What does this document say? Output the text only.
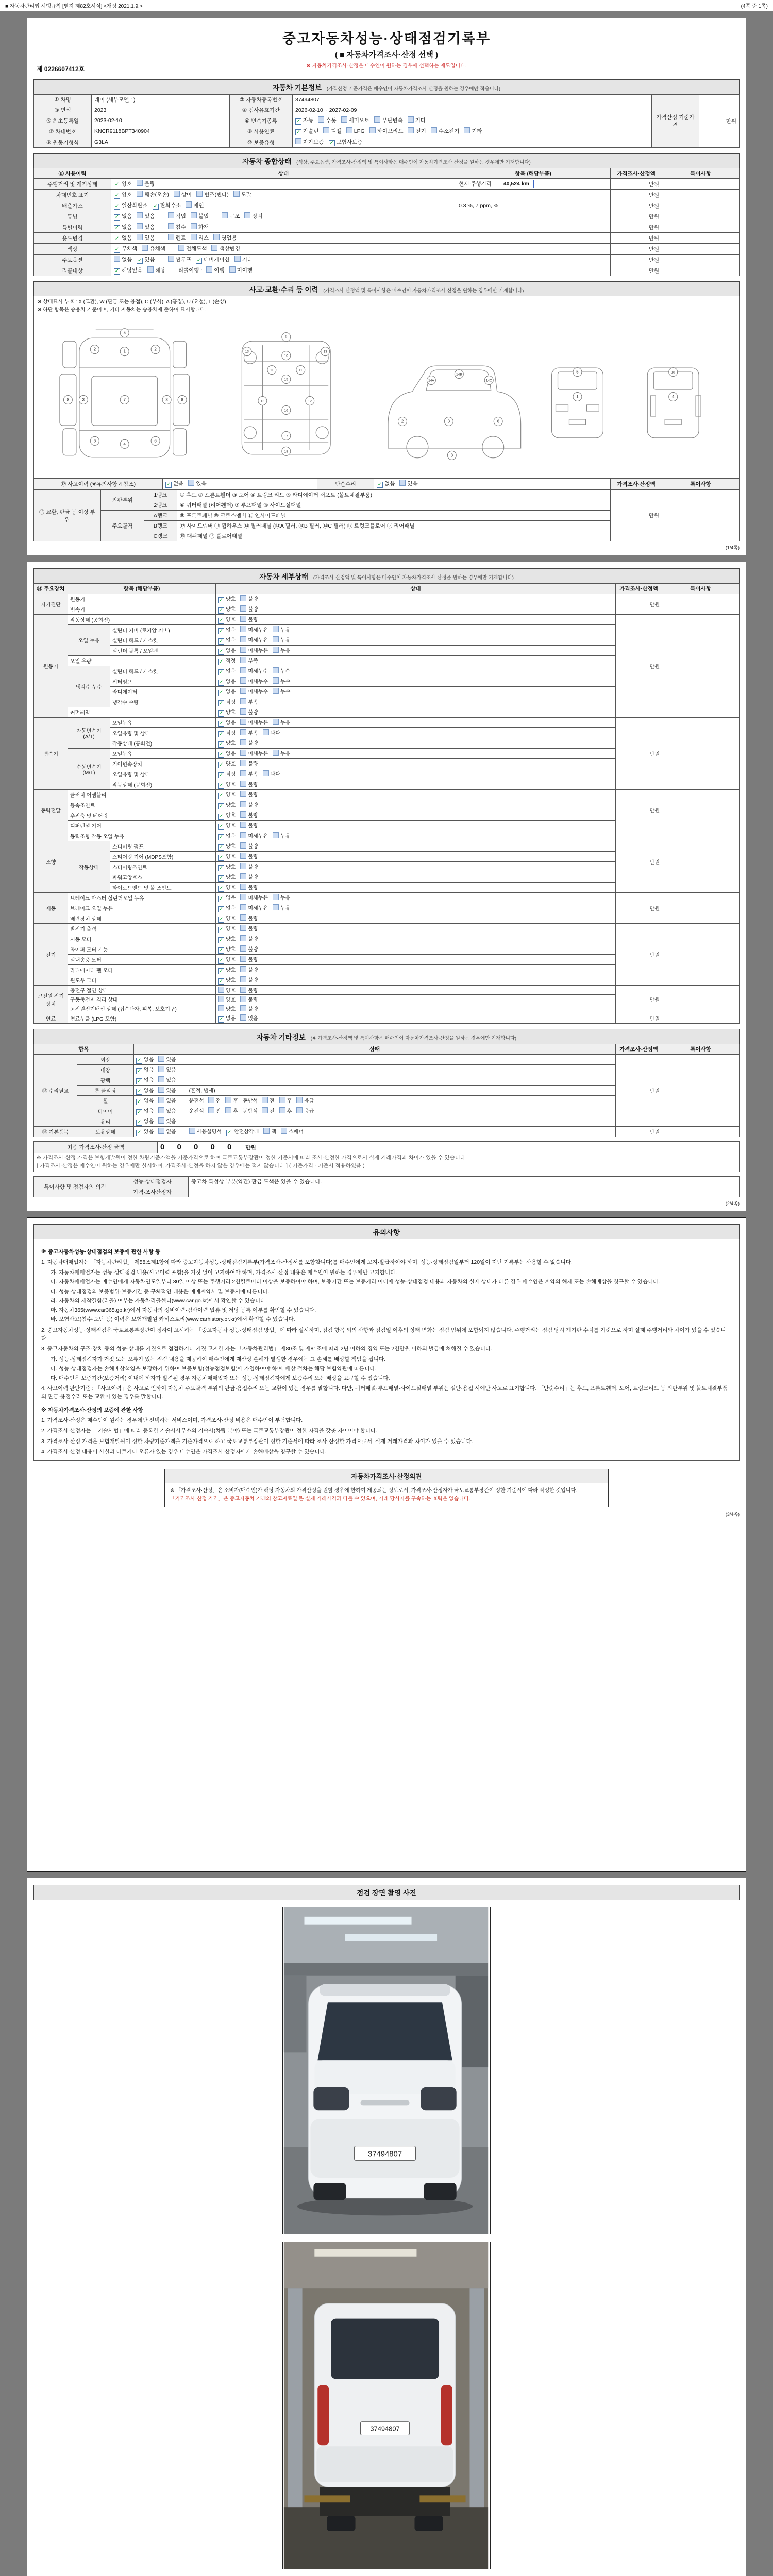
■ 자동차관리법 시행규칙 [별지 제82호서식] <개정 2021.1.9.>	(4쪽 중 1쪽)
제 0226607412호
중고자동차성능·상태점검기록부
( ■ 자동차가격조사·산정 선택 )
※ 자동차가격조사·산정은 매수인이 원하는 경우에 선택하는 제도입니다.
자동차 기본정보 (가격산정 기준가격은 매수인이 자동차가격조사·산정을 원하는 경우에만 적습니다)
① 차명	레이 (세부모델 : )	② 자동차등록번호	37494807	가격산정 기준가격	만원
③ 연식	2023	④ 검사유효기간	2026-02-10 ~ 2027-02-09		
⑤ 최초등록일	2023-02-10	⑥ 변속기종류	✓ 자동 수동 세미오토 무단변속 기타		
⑦ 차대번호	KNCR9118BPT340904	⑧ 사용연료	✓ 가솔린 디젤 LPG 하이브리드 전기 수소전기 기타		
⑨ 원동기형식	G3LA	⑩ 보증유형	자가보증 ✓ 보험사보증		
자동차 종합상태 (색상, 주요옵션, 가격조사·산정액 및 특이사항은 매수인이 자동차가격조사·산정을 원하는 경우에만 기재합니다)
⑪ 사용이력	상태	항목 (해당부품)	가격조사·산정액	특이사항
주행거리 및 계기상태	✓ 양호 불량	현재 주행거리 40,524 km	만원	
차대번호 표기	✓ 양호 훼손(오손) 상이 변조(변타) 도말		만원	
배출가스	✓ 일산화탄소 ✓ 탄화수소 매연	0.3 %, 7 ppm, %	만원	
튜닝	✓ 없음 있음 적법 불법 구조 장치		만원	
특별이력	✓ 없음 있음 침수 화재		만원	
용도변경	✓ 없음 있음 렌트 리스 영업용		만원	
색상	✓ 무채색 유채색 전체도색 색상변경		만원	
주요옵션	없음 ✓ 있음 썬루프 ✓ 네비게이션 기타		만원	
리콜대상	✓ 해당없음 해당 리콜이행 : 이행 미이행		만원	
사고·교환·수리 등 이력 (가격조사·산정액 및 특이사항은 매수인이 자동차가격조사·산정을 원하는 경우에만 기재합니다)
※ 상태표시 부호 : X (교환), W (판금 또는 용접), C (부식), A (흠집), U (요철), T (손상)
※ 하단 항목은 승용차 기준이며, 기타 자동차는 승용차에 준하여 표시합니다.
5
1
2	2
3	3
7
4
6	6
8	8
9
10
11	11
12	12
13	13
15
16
17
18
14A
14B
14C
2	3	6
8
5
1
18
4
⑫ 사고이력 (※유의사항 4 참조)	✓ 없음 있음	단순수리	✓ 없음 있음	가격조사·산정액	특이사항
⑬ 교환, 판금 등 이상 부위	외판부위	1랭크	① 후드 ② 프론트휀더 ③ 도어 ④ 트렁크 리드 ⑤ 라디에이터 서포트 (볼트체결부품)	만원	
		2랭크	⑥ 쿼터패널 (리어휀더) ⑦ 루프패널 ⑧ 사이드실패널		
	주요골격	A랭크	⑨ 프론트패널 ⑩ 크로스멤버 ⑪ 인사이드패널		
		B랭크	⑫ 사이드멤버 ⑬ 휠하우스 ⑭ 필러패널 (⑭A 필러, ⑭B 필러, ⑭C 필러) ⑰ 트렁크플로어 ⑱ 리어패널		
		C랭크	⑮ 대쉬패널 ⑯ 플로어패널		
(1/4쪽)
자동차 세부상태 (가격조사·산정액 및 특이사항은 매수인이 자동차가격조사·산정을 원하는 경우에만 기재합니다)
⑭ 주요장치	항목 (해당부품)		상태	가격조사·산정액	특이사항
자기진단	원동기		✓ 양호 불량	만원	
	변속기		✓ 양호 불량		
원동기	작동상태 (공회전)		✓ 양호 불량	만원	
	오일 누유	실린더 커버 (로커암 커버)	✓ 없음 미세누유 누유		
		실린더 헤드 / 개스킷	✓ 없음 미세누유 누유		
		실린더 블록 / 오일팬	✓ 없음 미세누유 누유		
	오일 유량		✓ 적정 부족		
	냉각수 누수	실린더 헤드 / 개스킷	✓ 없음 미세누수 누수		
		워터펌프	✓ 없음 미세누수 누수		
		라디에이터	✓ 없음 미세누수 누수		
		냉각수 수량	✓ 적정 부족		
	커먼레일		✓ 양호 불량		
변속기	자동변속기 (A/T)	오일누유	✓ 없음 미세누유 누유	만원	
		오일유량 및 상태	✓ 적정 부족 과다		
		작동상태 (공회전)	✓ 양호 불량		
	수동변속기 (M/T)	오일누유	✓ 없음 미세누유 누유		
		기어변속장치	✓ 양호 불량		
		오일유량 및 상태	✓ 적정 부족 과다		
		작동상태 (공회전)	✓ 양호 불량		
동력전달	클러치 어셈블리		✓ 양호 불량	만원	
	등속조인트		✓ 양호 불량		
	추진축 및 베어링		✓ 양호 불량		
	디퍼렌셜 기어		✓ 양호 불량		
조향	동력조향 작동 오일 누유		✓ 없음 미세누유 누유	만원	
	작동상태	스티어링 펌프	✓ 양호 불량		
		스티어링 기어 (MDPS포함)	✓ 양호 불량		
		스티어링조인트	✓ 양호 불량		
		파워고압호스	✓ 양호 불량		
		타이로드엔드 및 볼 조인트	✓ 양호 불량		
제동	브레이크 마스터 실린더오일 누유		✓ 없음 미세누유 누유	만원	
	브레이크 오일 누유		✓ 없음 미세누유 누유		
	배력장치 상태		✓ 양호 불량		
전기	발전기 출력		✓ 양호 불량	만원	
	시동 모터		✓ 양호 불량		
	와이퍼 모터 기능		✓ 양호 불량		
	실내송풍 모터		✓ 양호 불량		
	라디에이터 팬 모터		✓ 양호 불량		
	윈도우 모터		✓ 양호 불량		
고전원 전기장치	충전구 절연 상태		양호 불량	만원	
	구동축전지 격리 상태		양호 불량		
	고전원전기배선 상태 (접속단자, 피복, 보호기구)		양호 불량		
연료	연료누출 (LPG 포함)		✓ 없음 있음	만원	
자동차 기타정보 (※ 가격조사·산정액 및 특이사항은 매수인이 자동차가격조사·산정을 원하는 경우에만 기재합니다)
항목		상태	가격조사·산정액	특이사항
⑮ 수리필요	외장	✓ 없음 있음	만원	
	내장	✓ 없음 있음		
	광택	✓ 없음 있음		
	룸 클리닝	✓ 없음 있음 (흔적, 냄새)		
	휠	✓ 없음 있음 운전석 전 후 동반석 전 후 응급		
	타이어	✓ 없음 있음 운전석 전 후 동반석 전 후 응급		
	유리	✓ 없음 있음		
⑯ 기본품목	보유상태	✓ 있음 없음 사용설명서 ✓ 안전삼각대 잭 스패너	만원	
최종 가격조사·산정 금액	0 0 0 0 0 만원

※ 가격조사·산정 가격은 보험개발원이 정한 차량기준가액을 기준가격으로 하여 국토교통부장관이 정한 기준서에 따라 조사·산정한 가격으로서 실제 거래가격과 차이가 있을 수 있습니다.
[ 가격조사·산정은 매수인이 원하는 경우에만 실시하며, 가격조사·산정을 하지 않은 경우에는 적지 않습니다 ] ( 기준가격 · 기준서 적용하였음 )
특이사항 및 점검자의 의견	성능·상태점검자	중고차 특성상 부분(약간) 판금 도색은 있을 수 있습니다.
	가격·조사산정자	
(2/4쪽)
유의사항
※ 중고자동차성능·상태점검의 보증에 관한 사항 등
1. 자동차매매업자는 「자동차관리법」 제58조제1항에 따라 중고자동차성능·상태점검기록부(가격조사·산정서를 포함합니다)를 매수인에게 고지·발급하여야 하며, 성능·상태점검일부터 120일이 지난 기록부는 사용할 수 없습니다.
가. 자동차매매업자는 성능·상태점검 내용(사고이력 포함)을 거짓 없이 고지하여야 하며, 가격조사·산정 내용은 매수인이 원하는 경우에만 고지합니다.
나. 자동차매매업자는 매수인에게 자동차인도일부터 30일 이상 또는 주행거리 2천킬로미터 이상을 보증하여야 하며, 보증기간 또는 보증거리 이내에 성능·상태점검 내용과 자동차의 실제 상태가 다른 경우 매수인은 계약의 해제 또는 손해배상을 청구할 수 있습니다.
다. 성능·상태점검의 보증범위·보증기간 등 구체적인 내용은 매매계약서 및 보증서에 따릅니다.
라. 자동차의 제작결함(리콜) 여부는 자동차리콜센터(www.car.go.kr)에서 확인할 수 있습니다.
마. 자동차365(www.car365.go.kr)에서 자동차의 정비이력·검사이력·압류 및 저당 등록 여부를 확인할 수 있습니다.
바. 보험사고(침수·도난 등) 이력은 보험개발원 카히스토리(www.carhistory.or.kr)에서 확인할 수 있습니다.
2. 중고자동차성능·상태점검은 국토교통부장관이 정하여 고시하는 「중고자동차 성능·상태점검 방법」에 따라 실시하며, 점검 항목 외의 사항과 점검일 이후의 상태 변화는 점검 범위에 포함되지 않습니다. 주행거리는 점검 당시 계기판 수치를 기준으로 하며 실제 주행거리와 차이가 있을 수 있습니다.
3. 중고자동차의 구조·장치 등의 성능·상태를 거짓으로 점검하거나 거짓 고지한 자는 「자동차관리법」 제80조 및 제81조에 따라 2년 이하의 징역 또는 2천만원 이하의 벌금에 처해질 수 있습니다.
가. 성능·상태점검자가 거짓 또는 오류가 있는 점검 내용을 제공하여 매수인에게 재산상 손해가 발생한 경우에는 그 손해를 배상할 책임을 집니다.
나. 성능·상태점검자는 손해배상책임을 보장하기 위하여 보증보험(성능점검보험)에 가입하여야 하며, 배상 절차는 해당 보험약관에 따릅니다.
다. 매수인은 보증기간(보증거리) 이내에 하자가 발견된 경우 자동차매매업자 또는 성능·상태점검자에게 보증수리 또는 배상을 요구할 수 있습니다.
4. 사고이력 판단기준 : 「사고이력」은 사고로 인하여 자동차 주요골격 부위의 판금·용접수리 또는 교환이 있는 경우를 말합니다. 다만, 쿼터패널·루프패널·사이드실패널 부위는 절단·용접 시에만 사고로 표기합니다. 「단순수리」는 후드, 프론트휀더, 도어, 트렁크리드 등 외판부위 및 볼트체결부품의 판금·용접수리 또는 교환이 있는 경우를 말합니다.
※ 자동차가격조사·산정의 보증에 관한 사항
1. 가격조사·산정은 매수인이 원하는 경우에만 선택하는 서비스이며, 가격조사·산정 비용은 매수인이 부담합니다.
2. 가격조사·산정자는 「기술사법」에 따라 등록한 기술사사무소의 기술사(차량 분야) 또는 국토교통부장관이 정한 자격을 갖춘 자이어야 합니다.
3. 가격조사·산정 가격은 보험개발원이 정한 차량기준가액을 기준가격으로 하고 국토교통부장관이 정한 기준서에 따라 조사·산정한 가격으로서, 실제 거래가격과 차이가 있을 수 있습니다.
4. 가격조사·산정 내용이 사실과 다르거나 오류가 있는 경우 매수인은 가격조사·산정자에게 손해배상을 청구할 수 있습니다.
자동차가격조사·산정의견
※ 「가격조사·산정」은 소비자(매수인)가 해당 자동차의 가격산정을 원할 경우에 한하여 제공되는 정보로서, 가격조사·산정자가 국토교통부장관이 정한 기준서에 따라 작성한 것입니다.
「가격조사·산정 가격」은 중고자동차 거래의 참고자료일 뿐 실제 거래가격과 다를 수 있으며, 거래 당사자를 구속하는 효력은 없습니다.
(3/4쪽)
점검 장면 촬영 사진
37494807
37494807
